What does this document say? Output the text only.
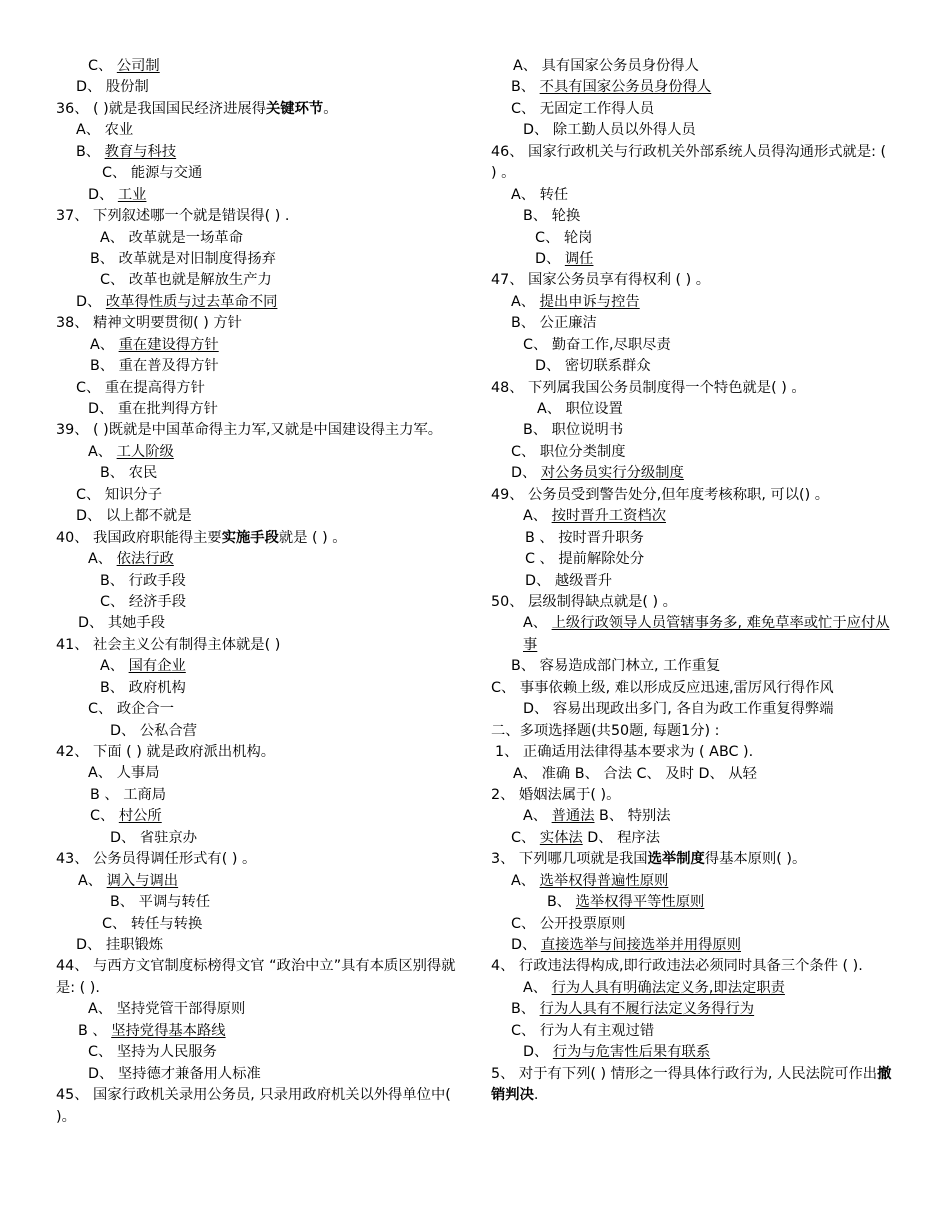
C、 公司制
D、 股份制
36、 ( )就是我国国民经济进展得关键环节。
A、 农业
B、 教育与科技
C、 能源与交通
D、 工业
37、 下列叙述哪一个就是错误得( ) .
A、 改革就是一场革命
B、 改革就是对旧制度得扬弃
C、 改革也就是解放生产力
D、 改革得性质与过去革命不同
38、 精神文明要贯彻( ) 方针
A、 重在建设得方针
B、 重在普及得方针
C、 重在提高得方针
D、 重在批判得方针
39、 ( )既就是中国革命得主力军,又就是中国建设得主力军。
A、 工人阶级
B、 农民
C、 知识分子
D、 以上都不就是
40、 我国政府职能得主要实施手段就是 ( ) 。
A、 依法行政
B、 行政手段
C、 经济手段
D、 其她手段
41、 社会主义公有制得主体就是( )
A、 国有企业
B、 政府机构
C、 政企合一
D、 公私合营
42、 下面 ( ) 就是政府派出机构。
A、 人事局
B 、 工商局
C、 村公所
D、 省驻京办
43、 公务员得调任形式有( ) 。
A、 调入与调出
B、 平调与转任
C、 转任与转换
D、 挂职锻炼
44、 与西方文官制度标榜得文官 “政治中立”具有本质区别得就是: ( ).
A、 坚持党管干部得原则
B 、 坚持党得基本路线
C、 坚持为人民服务
D、 坚持德才兼备用人标准
45、 国家行政机关录用公务员, 只录用政府机关以外得单位中( )。
A、 具有国家公务员身份得人
B、 不具有国家公务员身份得人
C、 无固定工作得人员
D、 除工勤人员以外得人员
46、 国家行政机关与行政机关外部系统人员得沟通形式就是: ( ) 。
A、 转任
B、 轮换
C、 轮岗
D、 调任
47、 国家公务员享有得权利 ( ) 。
A、 提出申诉与控告
B、 公正廉洁
C、 勤奋工作,尽职尽责
D、 密切联系群众
48、 下列属我国公务员制度得一个特色就是( ) 。
A、 职位设置
B、 职位说明书
C、 职位分类制度
D、 对公务员实行分级制度
49、 公务员受到警告处分,但年度考核称职, 可以() 。
A、 按时晋升工资档次
B 、 按时晋升职务
C 、 提前解除处分
D、 越级晋升
50、 层级制得缺点就是( ) 。
A、 上级行政领导人员管辖事务多, 难免草率或忙于应付从事
B、 容易造成部门林立, 工作重复
C、 事事依赖上级, 难以形成反应迅速,雷厉风行得作风
D、 容易出现政出多门, 各自为政工作重复得弊端
二、多项选择题(共50题, 每题1分) :
1、 正确适用法律得基本要求为 ( ABC ).
A、 准确 B、 合法 C、 及时 D、 从轻
2、 婚姻法属于( )。
A、 普通法 B、 特别法
C、 实体法 D、 程序法
3、 下列哪几项就是我国选举制度得基本原则( )。
A、 选举权得普遍性原则
B、 选举权得平等性原则
C、 公开投票原则
D、 直接选举与间接选举并用得原则
4、 行政违法得构成,即行政违法必须同时具备三个条件 ( ).
A、 行为人具有明确法定义务,即法定职责
B、 行为人具有不履行法定义务得行为
C、 行为人有主观过错
D、 行为与危害性后果有联系
5、 对于有下列( ) 情形之一得具体行政行为, 人民法院可作出撤销判决.
